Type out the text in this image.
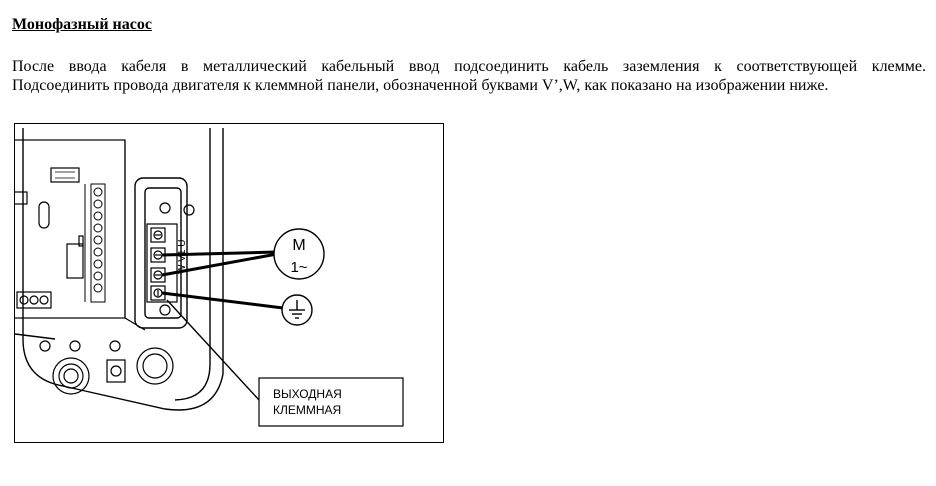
Монофазный насос
После ввода кабеля в металлический кабельный ввод подсоединить кабель заземления к соответствующей клемме.
Подсоединить провода двигателя к клеммной панели, обозначенной буквами V’,W, как показано на изображении ниже.
W V1 U	M
1~
ВЫХОДНАЯ
КЛЕММНАЯ
